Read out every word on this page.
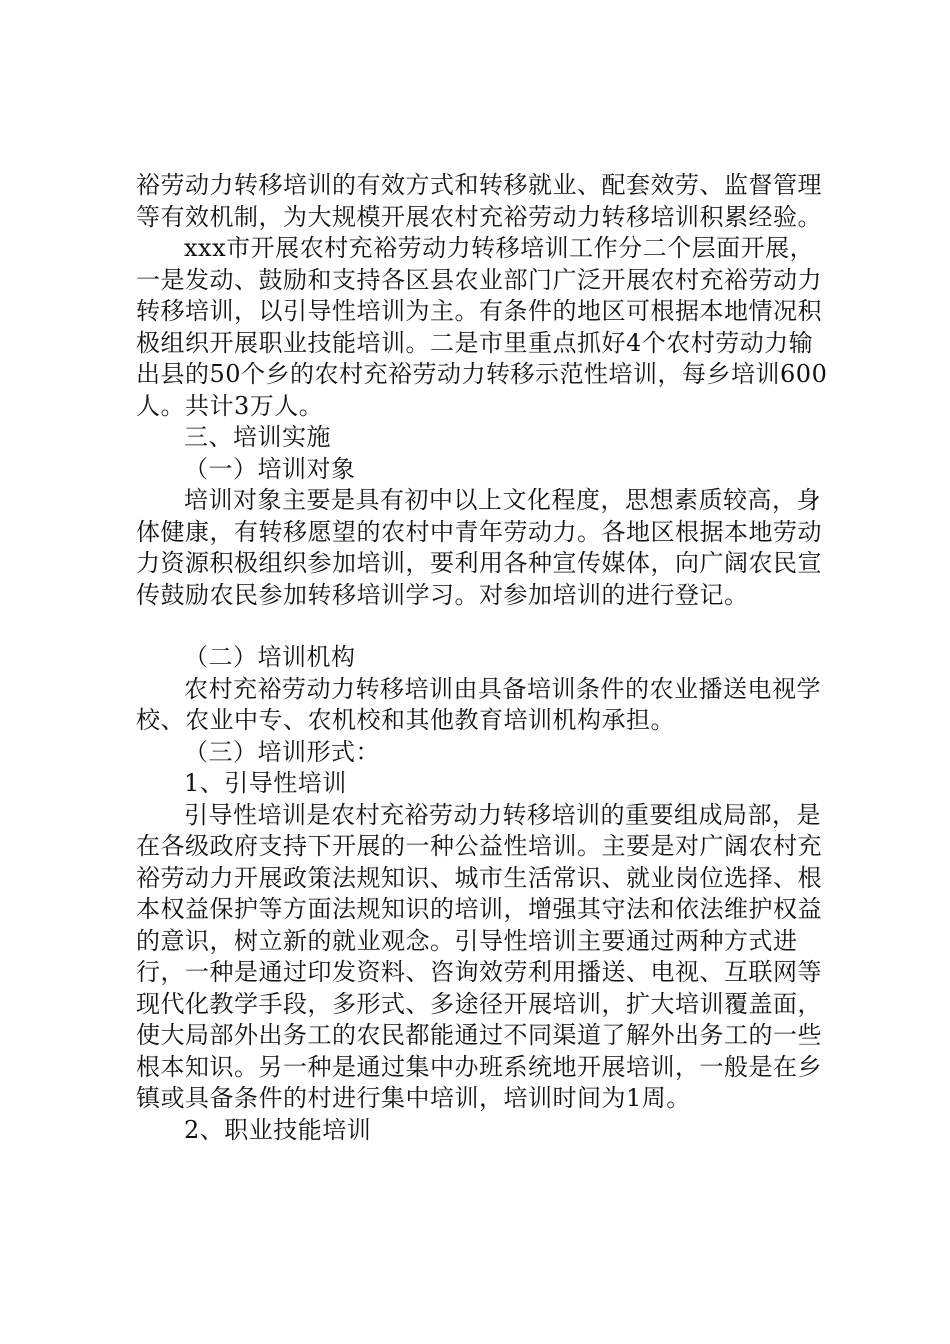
裕劳动力转移培训的有效方式和转移就业、配套效劳、监督管理等有效机制，为大规模开展农村充裕劳动力转移培训积累经验。

xxx市开展农村充裕劳动力转移培训工作分二个层面开展，一是发动、鼓励和支持各区县农业部门广泛开展农村充裕劳动力转移培训，以引导性培训为主。有条件的地区可根据本地情况积极组织开展职业技能培训。二是市里重点抓好4个农村劳动力输出县的50个乡的农村充裕劳动力转移示范性培训，每乡培训600人。共计3万人。

三、培训实施

（一）培训对象

培训对象主要是具有初中以上文化程度，思想素质较高，身体健康，有转移愿望的农村中青年劳动力。各地区根据本地劳动力资源积极组织参加培训，要利用各种宣传媒体，向广阔农民宣传鼓励农民参加转移培训学习。对参加培训的进行登记。

（二）培训机构

农村充裕劳动力转移培训由具备培训条件的农业播送电视学校、农业中专、农机校和其他教育培训机构承担。

（三）培训形式：

1、引导性培训

引导性培训是农村充裕劳动力转移培训的重要组成局部，是在各级政府支持下开展的一种公益性培训。主要是对广阔农村充裕劳动力开展政策法规知识、城市生活常识、就业岗位选择、根本权益保护等方面法规知识的培训，增强其守法和依法维护权益的意识，树立新的就业观念。引导性培训主要通过两种方式进行，一种是通过印发资料、咨询效劳利用播送、电视、互联网等现代化教学手段，多形式、多途径开展培训，扩大培训覆盖面，使大局部外出务工的农民都能通过不同渠道了解外出务工的一些根本知识。另一种是通过集中办班系统地开展培训，一般是在乡镇或具备条件的村进行集中培训，培训时间为1周。

2、职业技能培训
